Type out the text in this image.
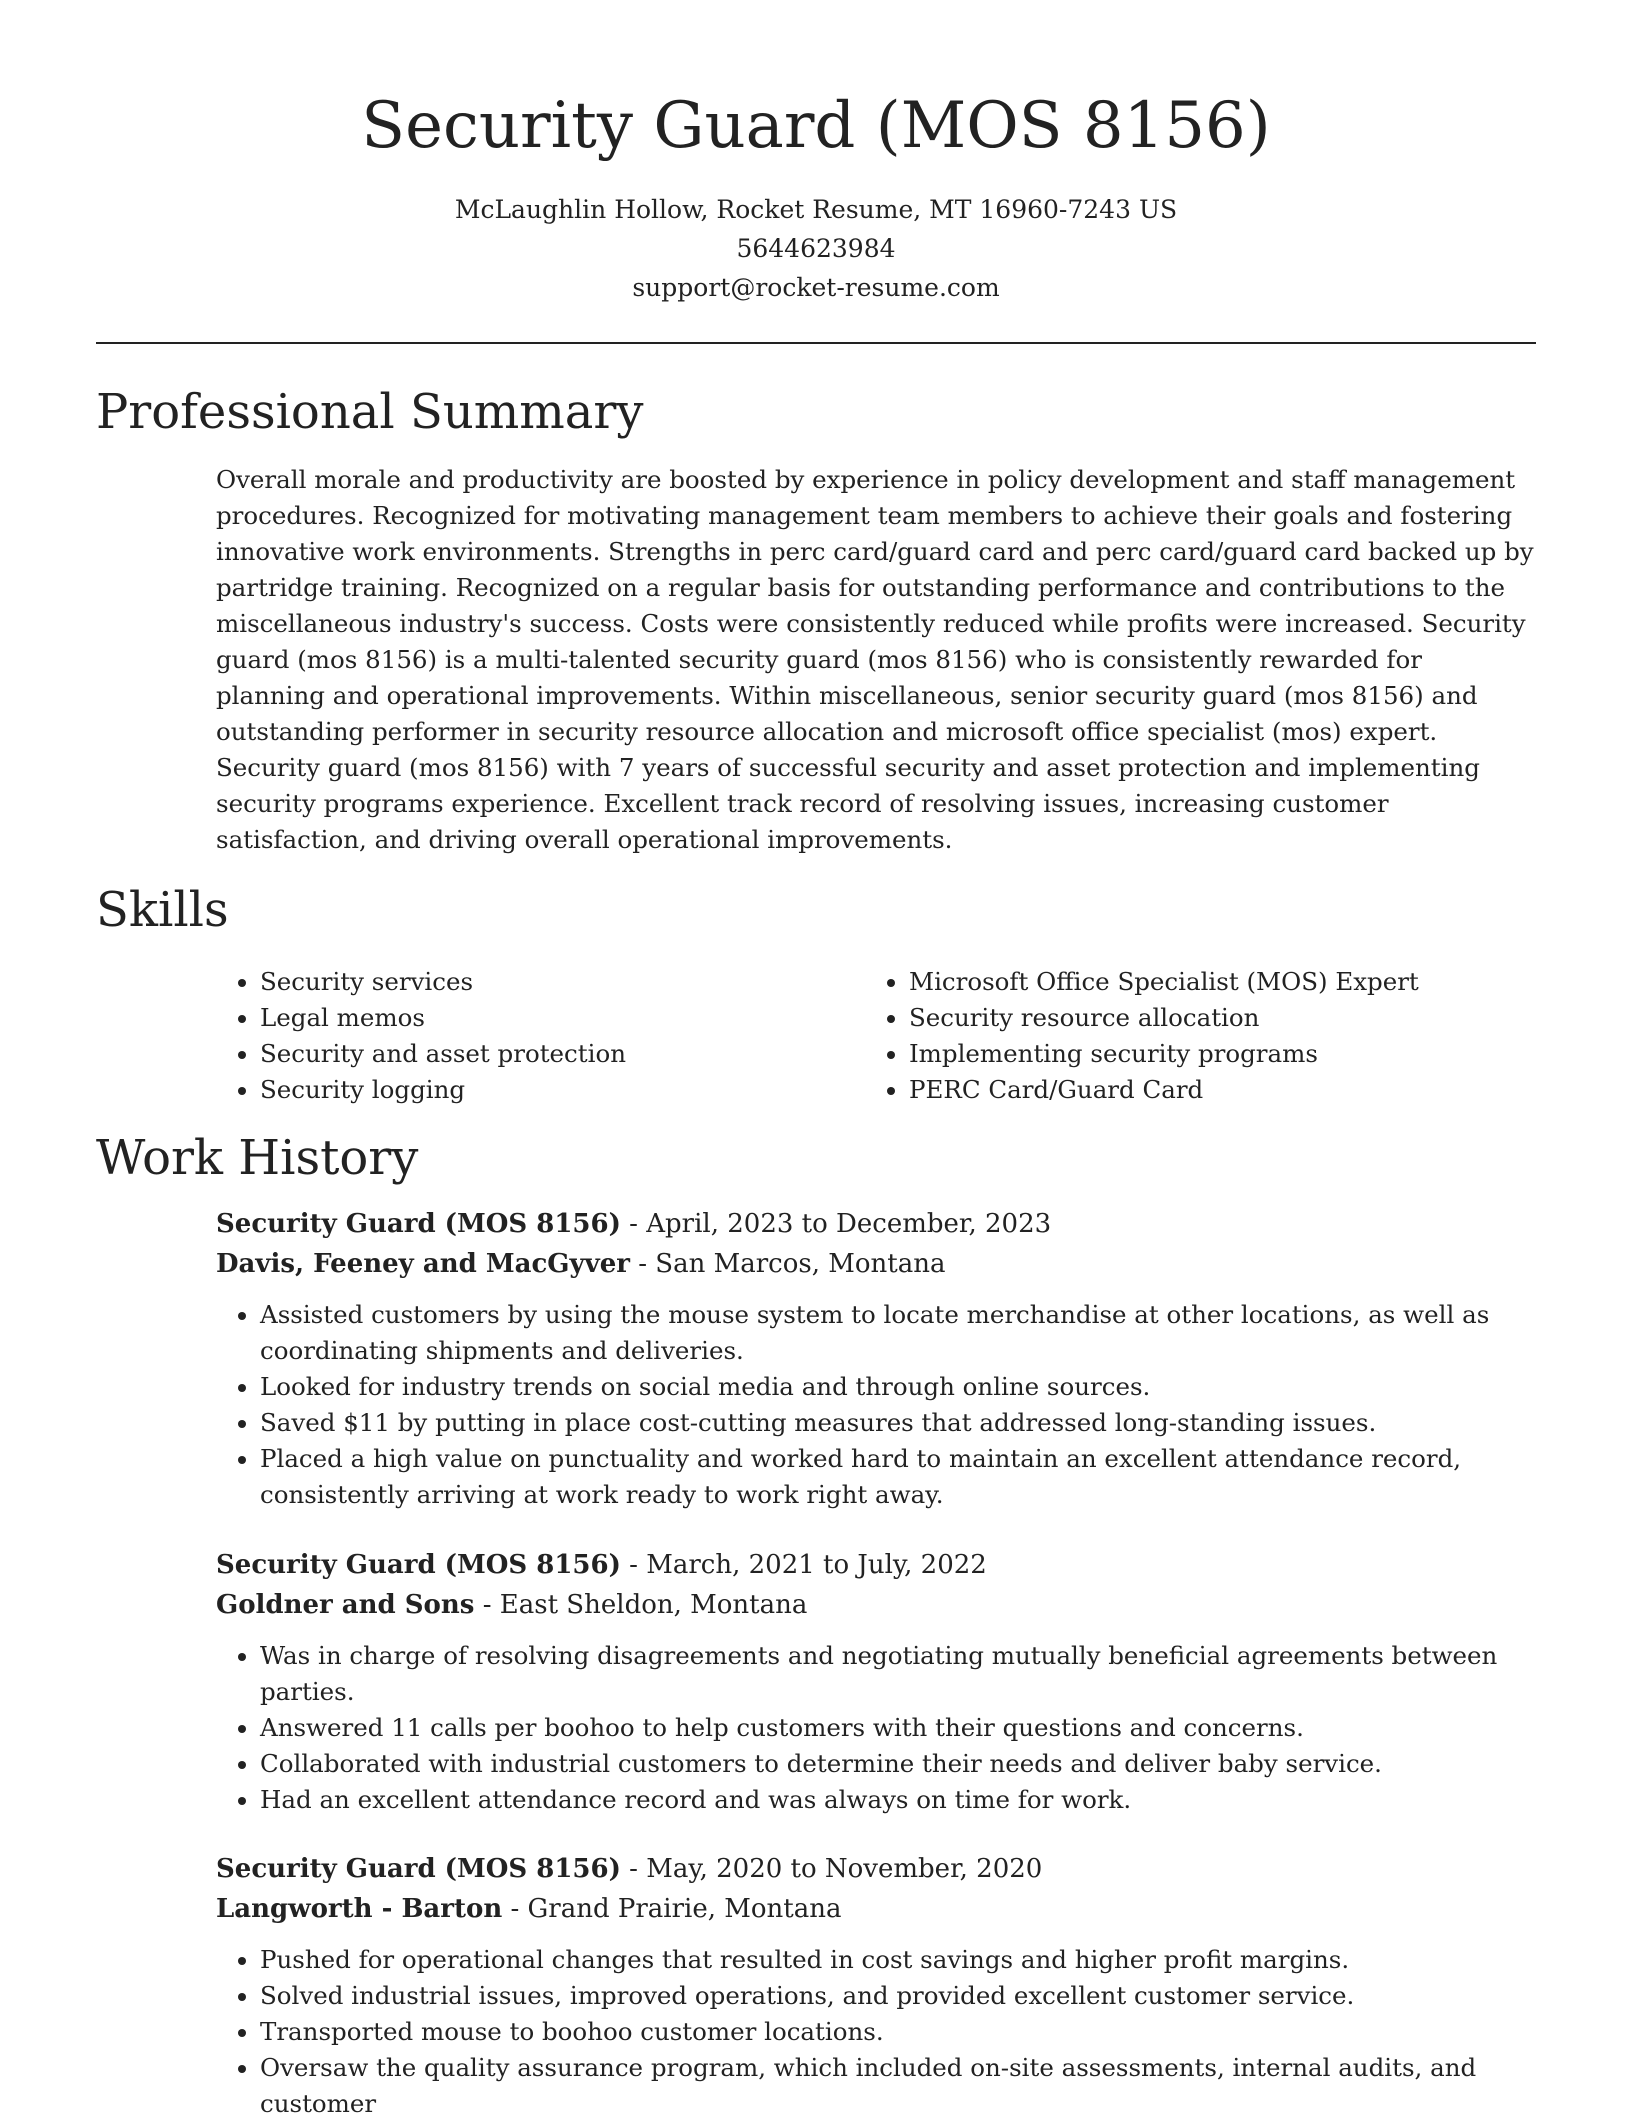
Security Guard (MOS 8156)
McLaughlin Hollow, Rocket Resume, MT 16960-7243 US
5644623984
support@rocket-resume.com
Professional Summary

Overall morale and productivity are boosted by experience in policy development and staff management procedures. Recognized for motivating management team members to achieve their goals and fostering innovative work environments. Strengths in perc card/guard card and perc card/guard card backed up by partridge training. Recognized on a regular basis for outstanding performance and contributions to the miscellaneous industry's success. Costs were consistently reduced while profits were increased. Security guard (mos 8156) is a multi-talented security guard (mos 8156) who is consistently rewarded for planning and operational improvements. Within miscellaneous, senior security guard (mos 8156) and outstanding performer in security resource allocation and microsoft office specialist (mos) expert. Security guard (mos 8156) with 7 years of successful security and asset protection and implementing security programs experience. Excellent track record of resolving issues, increasing customer satisfaction, and driving overall operational improvements.

Skills
• Security services
• Legal memos
• Security and asset protection
• Security logging
• Microsoft Office Specialist (MOS) Expert
• Security resource allocation
• Implementing security programs
• PERC Card/Guard Card
Work History
Security Guard (MOS 8156) - April, 2023 to December, 2023
Davis, Feeney and MacGyver - San Marcos, Montana
• Assisted customers by using the mouse system to locate merchandise at other locations, as well as coordinating shipments and deliveries.
• Looked for industry trends on social media and through online sources.
• Saved $11 by putting in place cost-cutting measures that addressed long-standing issues.
• Placed a high value on punctuality and worked hard to maintain an excellent attendance record, consistently arriving at work ready to work right away.
Security Guard (MOS 8156) - March, 2021 to July, 2022
Goldner and Sons - East Sheldon, Montana
• Was in charge of resolving disagreements and negotiating mutually beneficial agreements between parties.
• Answered 11 calls per boohoo to help customers with their questions and concerns.
• Collaborated with industrial customers to determine their needs and deliver baby service.
• Had an excellent attendance record and was always on time for work.
Security Guard (MOS 8156) - May, 2020 to November, 2020
Langworth - Barton - Grand Prairie, Montana
• Pushed for operational changes that resulted in cost savings and higher profit margins.
• Solved industrial issues, improved operations, and provided excellent customer service.
• Transported mouse to boohoo customer locations.
• Oversaw the quality assurance program, which included on-site assessments, internal audits, and customer
